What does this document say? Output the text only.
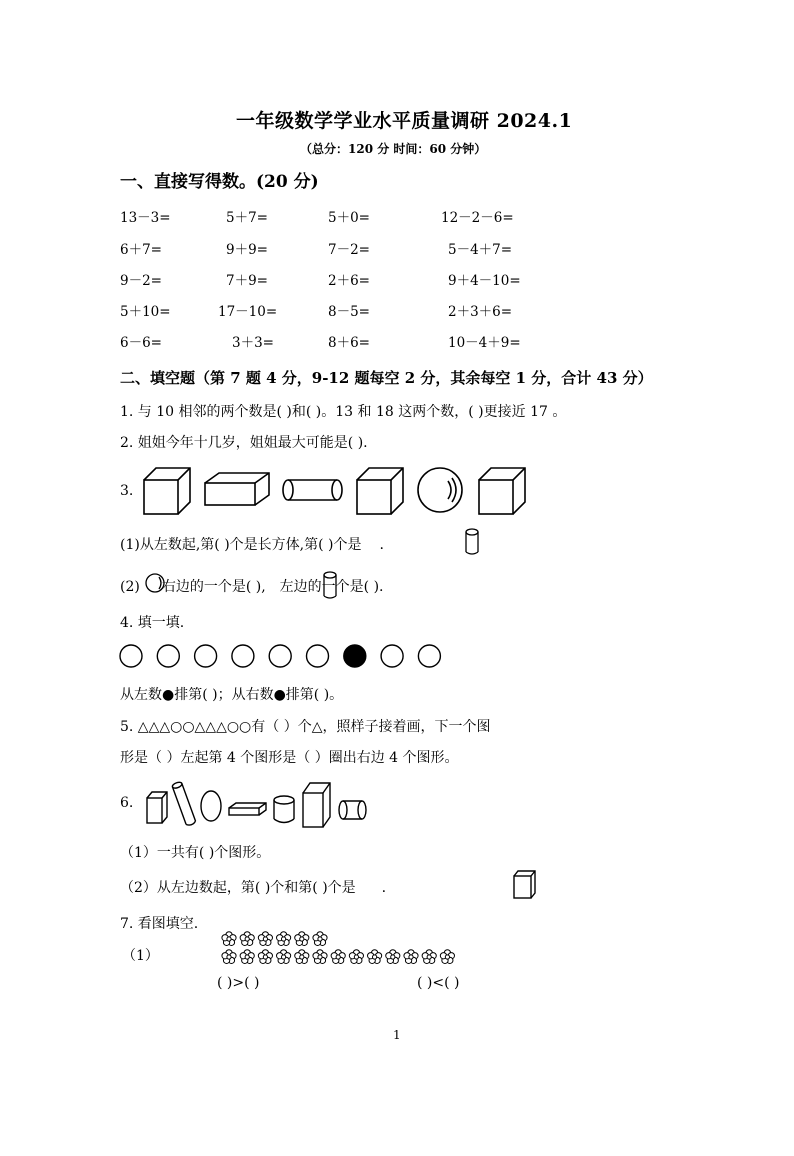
一年级数学学业水平质量调研 2024.1
（总分：120 分 时间：60 分钟）
一、直接写得数。(20 分)
13－3=	5＋7=	5＋0=	12－2－6=
6＋7=	9＋9=	7－2=	5－4＋7=
9－2=	7＋9=	2＋6=	9＋4－10=
5＋10=	17－10=	8－5=	2＋3＋6=
6－6=	3＋3=	8＋6=	10－4＋9=
二、填空题（第 7 题 4 分，9-12 题每空 2 分，其余每空 1 分，合计 43 分）
1. 与 10 相邻的两个数是( )和( )。13 和 18 这两个数，( )更接近 17 。
2. 姐姐今年十几岁，姐姐最大可能是( ).
3.
(1)从左数起,第( )个是长方体,第( )个是 .
(2) 右边的一个是( ), 左边的一个是( ).
4. 填一填.
从左数●排第( )；从右数●排第( )。
5. △△△○○△△△○○有（ ）个△，照样子接着画，下一个图
形是（ ）左起第 4 个图形是（ ）圈出右边 4 个图形。
6.
（1）一共有( )个图形。
（2）从左边数起，第( )个和第( )个是 .
7. 看图填空.
（1）
( )>( )	( )<( )
1
